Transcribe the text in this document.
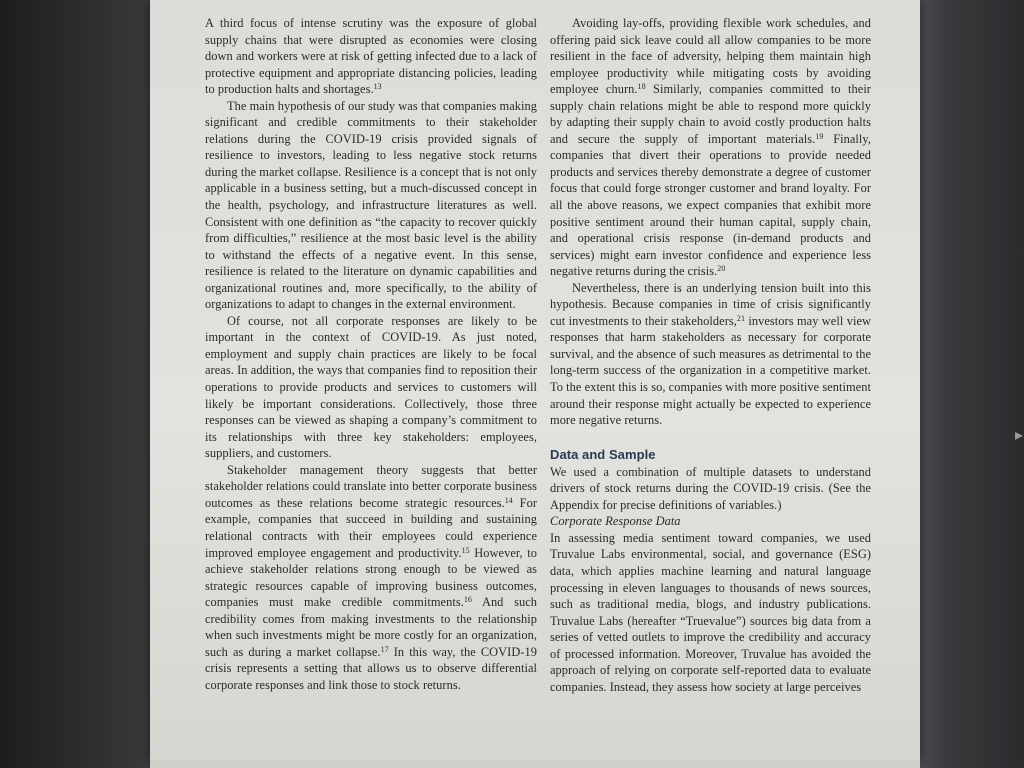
▸

A third focus of intense scrutiny was the exposure of global supply chains that were disrupted as economies were closing down and workers were at risk of getting infected due to a lack of protective equipment and appropriate distancing policies, leading to production halts and shortages.$^{13}$

The main hypothesis of our study was that companies making significant and credible commitments to their stakeholder relations during the COVID-19 crisis provided signals of resilience to investors, leading to less negative stock returns during the market collapse. Resilience is a concept that is not only applicable in a business setting, but a much-discussed concept in the health, psychology, and infrastructure literatures as well. Consistent with one definition as “the capacity to recover quickly from difficulties,” resilience at the most basic level is the ability to withstand the effects of a negative event. In this sense, resilience is related to the literature on dynamic capabilities and organizational routines and, more specifically, to the ability of organizations to adapt to changes in the external environment.

Of course, not all corporate responses are likely to be important in the context of COVID-19. As just noted, employment and supply chain practices are likely to be focal areas. In addition, the ways that companies find to reposition their operations to provide products and services to customers will likely be important considerations. Collectively, those three responses can be viewed as shaping a company’s commitment to its relationships with three key stakeholders: employees, suppliers, and customers.

Stakeholder management theory suggests that better stakeholder relations could translate into better corporate business outcomes as these relations become strategic resources.$^{14}$ For example, companies that succeed in building and sustaining relational contracts with their employees could experience improved employee engagement and productivity.$^{15}$ However, to achieve stakeholder relations strong enough to be viewed as strategic resources capable of improving business outcomes, companies must make credible commitments.$^{16}$ And such credibility comes from making investments to the relationship when such investments might be more costly for an organization, such as during a market collapse.$^{17}$ In this way, the COVID-19 crisis represents a setting that allows us to observe differential corporate responses and link those to stock returns.

Avoiding lay-offs, providing flexible work schedules, and offering paid sick leave could all allow companies to be more resilient in the face of adversity, helping them maintain high employee productivity while mitigating costs by avoiding employee churn.$^{18}$ Similarly, companies committed to their supply chain relations might be able to respond more quickly by adapting their supply chain to avoid costly production halts and secure the supply of important materials.$^{19}$ Finally, companies that divert their operations to provide needed products and services thereby demonstrate a degree of customer focus that could forge stronger customer and brand loyalty. For all the above reasons, we expect companies that exhibit more positive sentiment around their human capital, supply chain, and operational crisis response (in-demand products and services) might earn investor confidence and experience less negative returns during the crisis.$^{20}$

Nevertheless, there is an underlying tension built into this hypothesis. Because companies in time of crisis significantly cut investments to their stakeholders,$^{21}$ investors may well view responses that harm stakeholders as necessary for corporate survival, and the absence of such measures as detrimental to the long-term success of the organization in a competitive market. To the extent this is so, companies with more positive sentiment around their response might actually be expected to experience more negative returns.

Data and Sample

We used a combination of multiple datasets to understand drivers of stock returns during the COVID-19 crisis. (See the Appendix for precise definitions of variables.)

Corporate Response Data

In assessing media sentiment toward companies, we used Truvalue Labs environmental, social, and governance (ESG) data, which applies machine learning and natural language processing in eleven languages to thousands of news sources, such as traditional media, blogs, and industry publications. Truvalue Labs (hereafter “Truevalue”) sources big data from a series of vetted outlets to improve the credibility and accuracy of processed information. Moreover, Truvalue has avoided the approach of relying on corporate self-reported data to evaluate companies. Instead, they assess how society at large perceives
